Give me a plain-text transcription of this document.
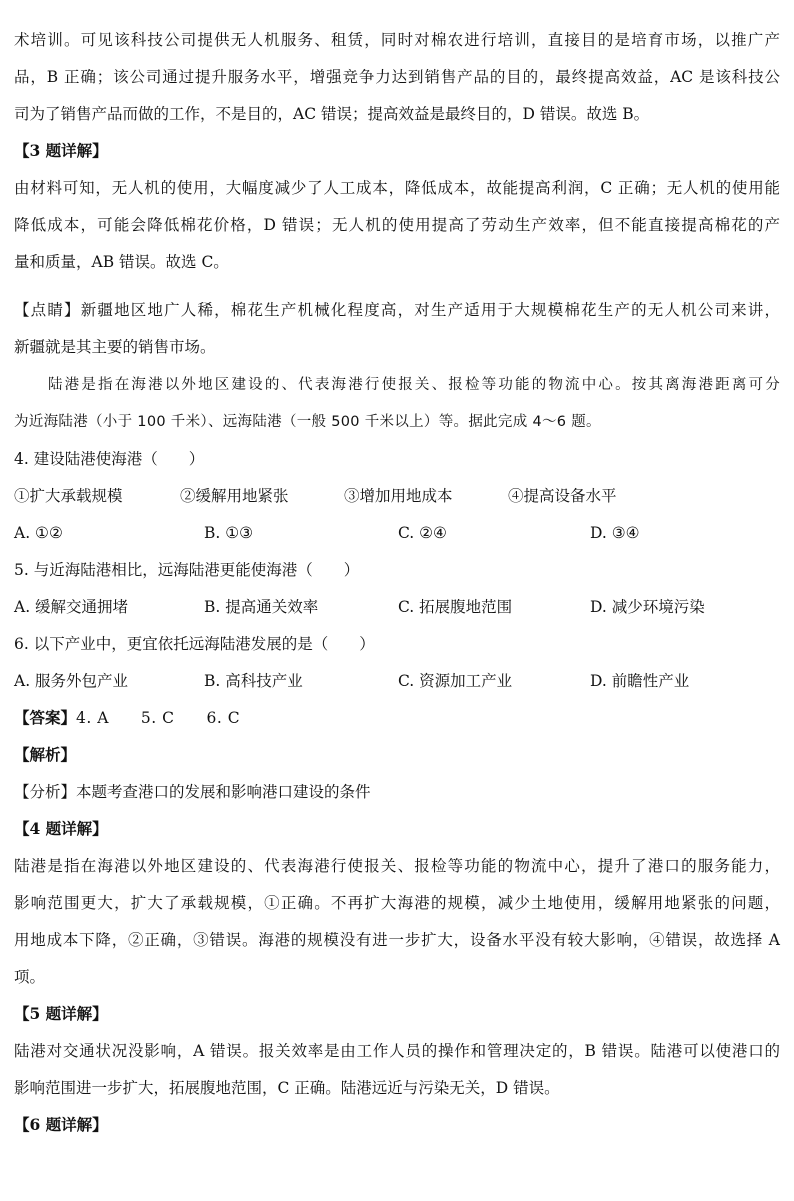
术培训。可见该科技公司提供无人机服务、租赁，同时对棉农进行培训，直接目的是培育市场，以推广产
品，B 正确；该公司通过提升服务水平，增强竞争力达到销售产品的目的，最终提高效益，AC 是该科技公
司为了销售产品而做的工作，不是目的，AC 错误；提高效益是最终目的，D 错误。故选 B。
【3 题详解】
由材料可知，无人机的使用，大幅度减少了人工成本，降低成本，故能提高利润，C 正确；无人机的使用能
降低成本，可能会降低棉花价格，D 错误；无人机的使用提高了劳动生产效率，但不能直接提高棉花的产
量和质量，AB 错误。故选 C。
【点睛】新疆地区地广人稀，棉花生产机械化程度高，对生产适用于大规模棉花生产的无人机公司来讲，
新疆就是其主要的销售市场。
陆港是指在海港以外地区建设的、代表海港行使报关、报检等功能的物流中心。按其离海港距离可分
为近海陆港（小于 100 千米）、远海陆港（一般 500 千米以上）等。据此完成 4～6 题。
4. 建设陆港使海港（　　）
①扩大承载规模	②缓解用地紧张	③增加用地成本	④提高设备水平
A. ①②	B. ①③	C. ②④	D. ③④
5. 与近海陆港相比，远海陆港更能使海港（　　）
A. 缓解交通拥堵	B. 提高通关效率	C. 拓展腹地范围	D. 减少环境污染
6. 以下产业中，更宜依托远海陆港发展的是（　　）
A. 服务外包产业	B. 高科技产业	C. 资源加工产业	D. 前瞻性产业
【答案】4. A　　5. C　　6. C
【解析】
【分析】本题考查港口的发展和影响港口建设的条件
【4 题详解】
陆港是指在海港以外地区建设的、代表海港行使报关、报检等功能的物流中心，提升了港口的服务能力，
影响范围更大，扩大了承载规模，①正确。不再扩大海港的规模，减少土地使用，缓解用地紧张的问题，
用地成本下降，②正确，③错误。海港的规模没有进一步扩大，设备水平没有较大影响，④错误，故选择 A
项。
【5 题详解】
陆港对交通状况没影响，A 错误。报关效率是由工作人员的操作和管理决定的，B 错误。陆港可以使港口的
影响范围进一步扩大，拓展腹地范围，C 正确。陆港远近与污染无关，D 错误。
【6 题详解】
